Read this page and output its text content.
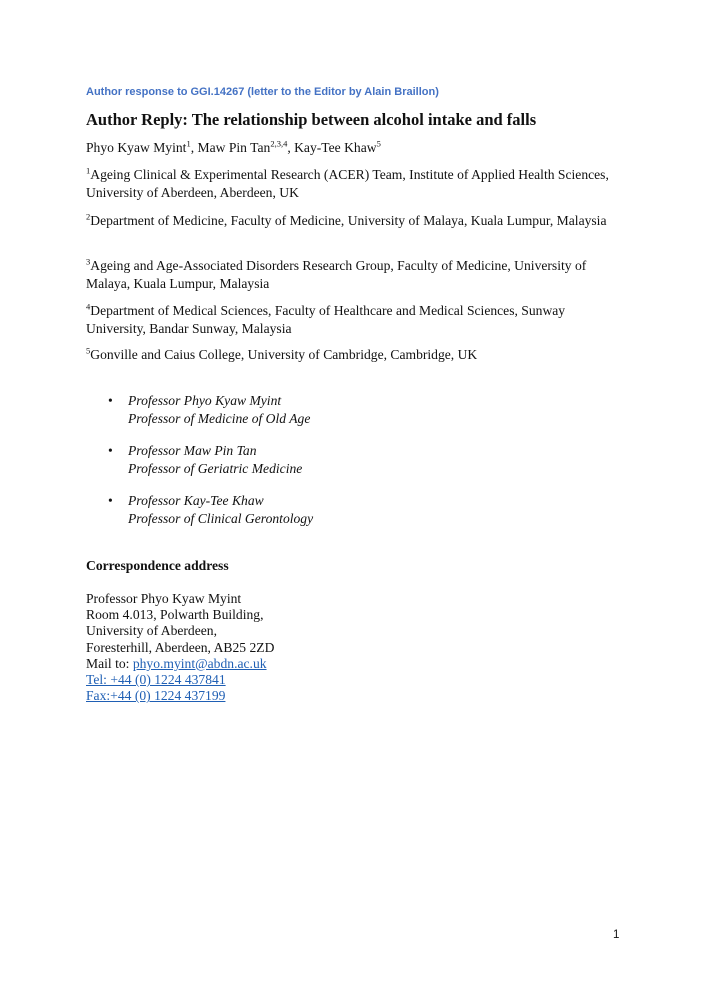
Author response to GGI.14267 (letter to the Editor by Alain Braillon)
Author Reply: The relationship between alcohol intake and falls
Phyo Kyaw Myint$^1$, Maw Pin Tan$^{2,3,4}$, Kay-Tee Khaw$^5$
$^1$Ageing Clinical & Experimental Research (ACER) Team, Institute of Applied Health Sciences, University of Aberdeen, Aberdeen, UK
$^2$Department of Medicine, Faculty of Medicine, University of Malaya, Kuala Lumpur, Malaysia
$^3$Ageing and Age-Associated Disorders Research Group, Faculty of Medicine, University of Malaya, Kuala Lumpur, Malaysia
$^4$Department of Medical Sciences, Faculty of Healthcare and Medical Sciences, Sunway University, Bandar Sunway, Malaysia
$^5$Gonville and Caius College, University of Cambridge, Cambridge, UK
• Professor Phyo Kyaw Myint
Professor of Medicine of Old Age
• Professor Maw Pin Tan
Professor of Geriatric Medicine
• Professor Kay-Tee Khaw
Professor of Clinical Gerontology
Correspondence address
Professor Phyo Kyaw Myint
Room 4.013, Polwarth Building,
University of Aberdeen,
Foresterhill, Aberdeen, AB25 2ZD
Mail to: phyo.myint@abdn.ac.uk
Tel: +44 (0) 1224 437841
Fax:+44 (0) 1224 437199
1
